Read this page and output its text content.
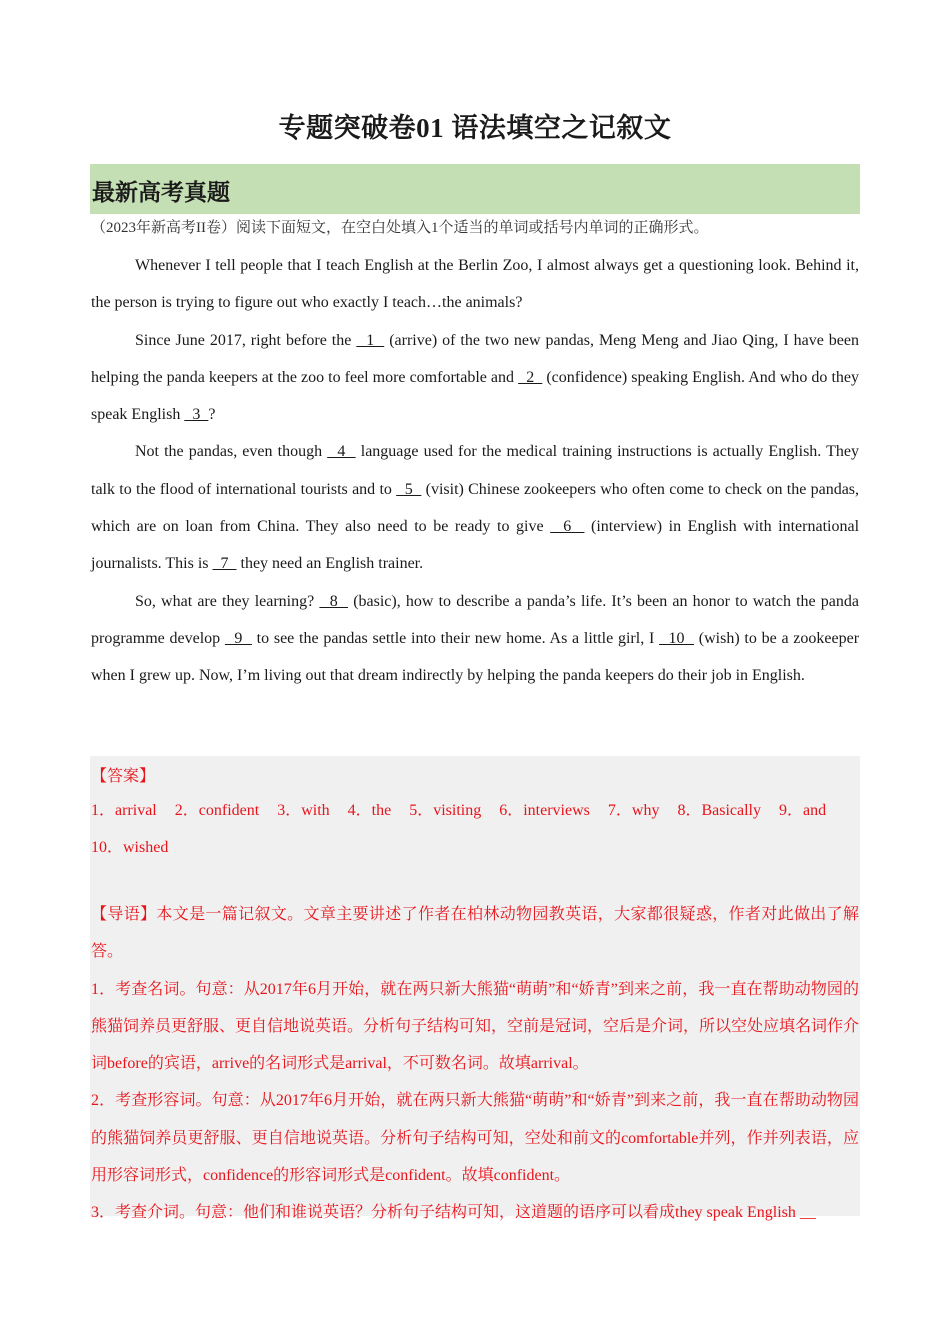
专题突破卷01 语法填空之记叙文
最新高考真题
（2023年新高考II卷）阅读下面短文，在空白处填入1个适当的单词或括号内单词的正确形式。

Whenever I tell people that I teach English at the Berlin Zoo, I almost always get a questioning look. Behind it, the person is trying to figure out who exactly I teach…the animals?

Since June 2017, right before the   1   (arrive) of the two new pandas, Meng Meng and Jiao Qing, I have been helping the panda keepers at the zoo to feel more comfortable and   2   (confidence) speaking English. And who do they speak English   3  ?

Not the pandas, even though   4   language used for the medical training instructions is actually English. They talk to the flood of international tourists and to   5   (visit) Chinese zookeepers who often come to check on the pandas, which are on loan from China. They also need to be ready to give   6   (interview) in English with international journalists. This is   7   they need an English trainer.

So, what are they learning?   8   (basic), how to describe a panda’s life. It’s been an honor to watch the panda programme develop   9   to see the pandas settle into their new home. As a little girl, I   10   (wish) to be a zookeeper when I grew up. Now, I’m living out that dream indirectly by helping the panda keepers do their job in English.

【答案】
1．arrival 2．confident 3．with 4．the 5．visiting 6．interviews 7．why 8．Basically 9．and
10．wished

【导语】本文是一篇记叙文。文章主要讲述了作者在柏林动物园教英语，大家都很疑惑，作者对此做出了解答。

1．考查名词。句意：从2017年6月开始，就在两只新大熊猫“萌萌”和“娇青”到来之前，我一直在帮助动物园的熊猫饲养员更舒服、更自信地说英语。分析句子结构可知，空前是冠词，空后是介词，所以空处应填名词作介词before的宾语，arrive的名词形式是arrival，不可数名词。故填arrival。

2．考查形容词。句意：从2017年6月开始，就在两只新大熊猫“萌萌”和“娇青”到来之前，我一直在帮助动物园的熊猫饲养员更舒服、更自信地说英语。分析句子结构可知，空处和前文的comfortable并列，作并列表语，应用形容词形式，confidence的形容词形式是confident。故填confident。

3．考查介词。句意：他们和谁说英语？分析句子结构可知，这道题的语序可以看成they speak English __
